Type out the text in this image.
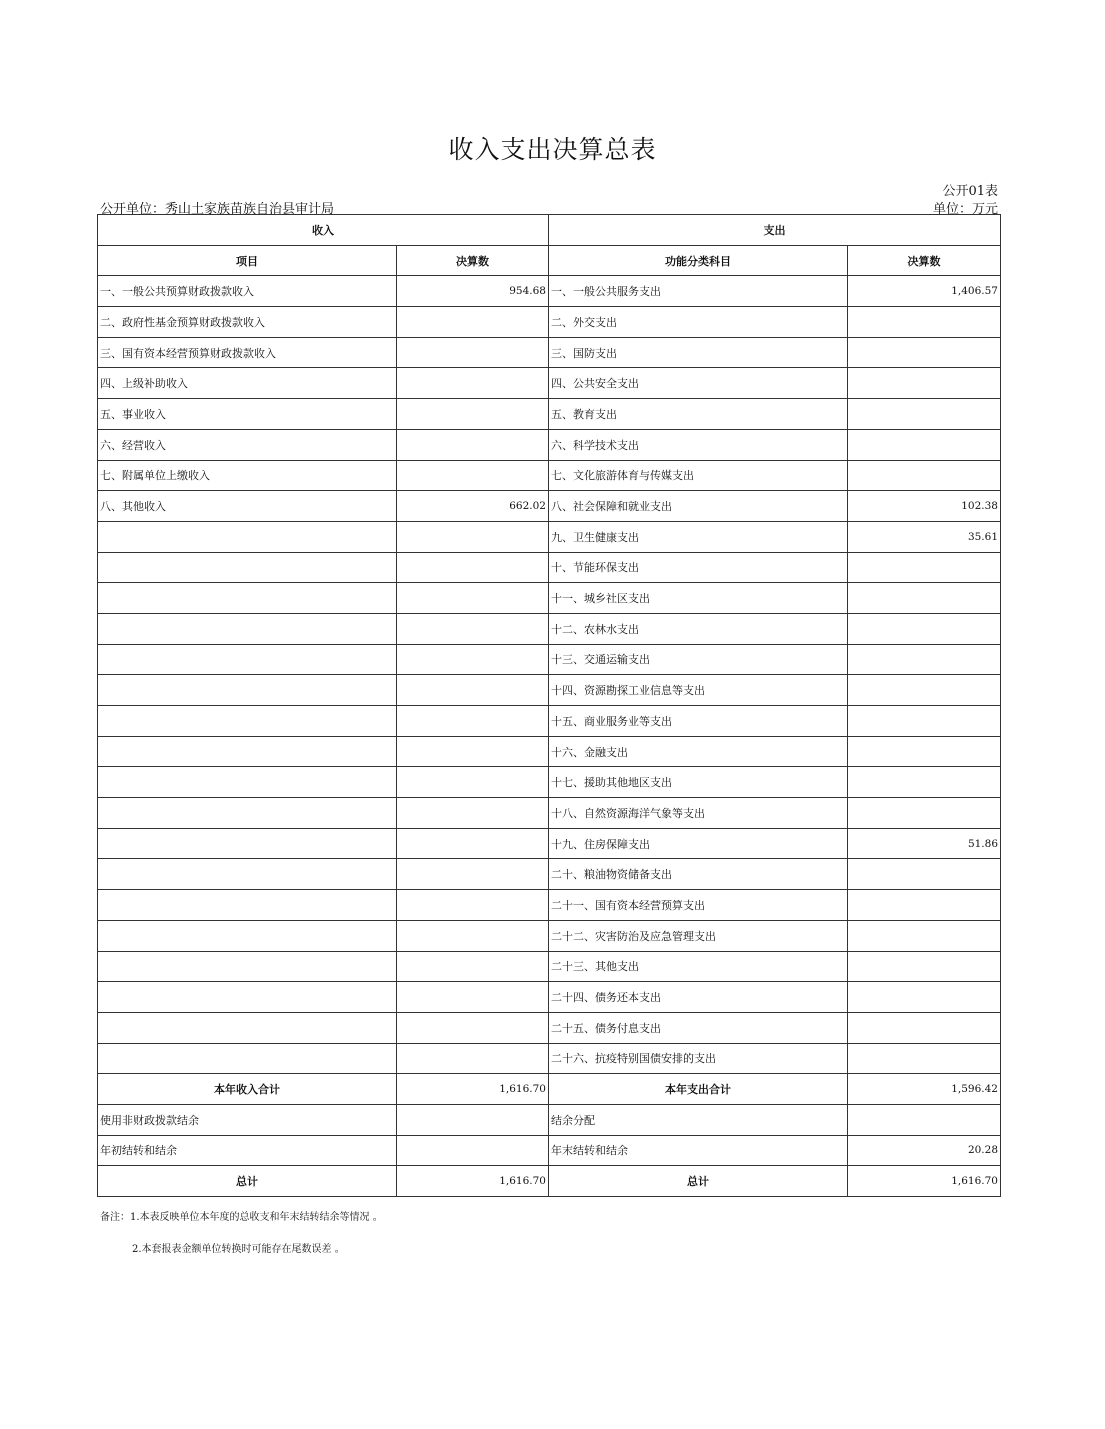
收入支出决算总表
公开01表
公开单位：秀山土家族苗族自治县审计局	单位：万元
收入		支出	
项目	决算数	功能分类科目	决算数
一、一般公共预算财政拨款收入	954.68	一、一般公共服务支出	1,406.57
二、政府性基金预算财政拨款收入		二、外交支出	
三、国有资本经营预算财政拨款收入		三、国防支出	
四、上级补助收入		四、公共安全支出	
五、事业收入		五、教育支出	
六、经营收入		六、科学技术支出	
七、附属单位上缴收入		七、文化旅游体育与传媒支出	
八、其他收入	662.02	八、社会保障和就业支出	102.38
		九、卫生健康支出	35.61
		十、节能环保支出	
		十一、城乡社区支出	
		十二、农林水支出	
		十三、交通运输支出	
		十四、资源勘探工业信息等支出	
		十五、商业服务业等支出	
		十六、金融支出	
		十七、援助其他地区支出	
		十八、自然资源海洋气象等支出	
		十九、住房保障支出	51.86
		二十、粮油物资储备支出	
		二十一、国有资本经营预算支出	
		二十二、灾害防治及应急管理支出	
		二十三、其他支出	
		二十四、债务还本支出	
		二十五、债务付息支出	
		二十六、抗疫特别国债安排的支出	
本年收入合计	1,616.70	本年支出合计	1,596.42
使用非财政拨款结余		结余分配	
年初结转和结余		年末结转和结余	20.28
总计	1,616.70	总计	1,616.70
备注：1.本表反映单位本年度的总收支和年末结转结余等情况 。
2.本套报表金额单位转换时可能存在尾数误差 。
